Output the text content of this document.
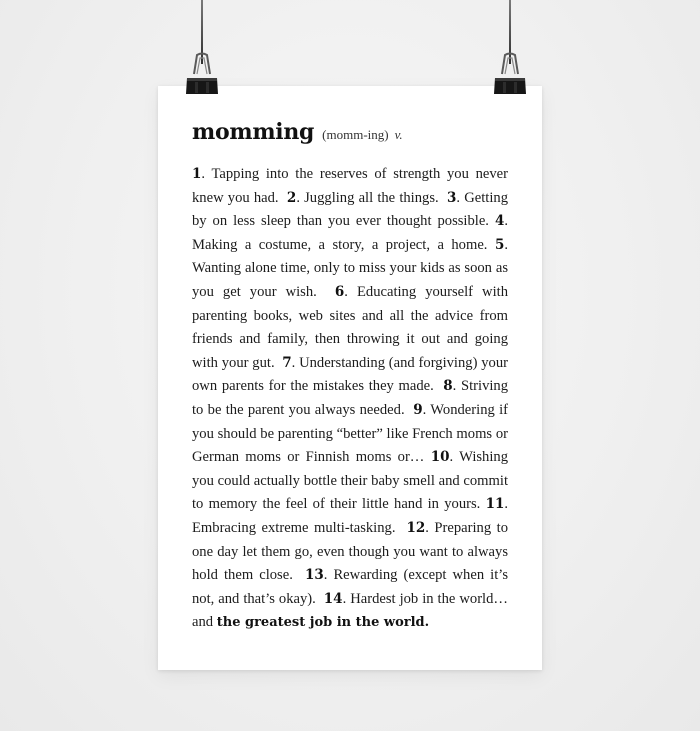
momming (momm-ing) v.

1. Tapping into the reserves of strength you never knew you had. 2. Juggling all the things. 3. Getting by on less sleep than you ever thought possible. 4. Making a costume, a story, a project, a home. 5. Wanting alone time, only to miss your kids as soon as you get your wish. 6. Educating yourself with parenting books, web sites and all the advice from friends and family, then throwing it out and going with your gut. 7. Understanding (and forgiving) your own parents for the mistakes they made. 8. Striving to be the parent you always needed. 9. Wondering if you should be parenting “better” like French moms or German moms or Finnish moms or… 10. Wishing you could actually bottle their baby smell and commit to memory the feel of their little hand in yours. 11. Embracing extreme multi-tasking. 12. Preparing to one day let them go, even though you want to always hold them close. 13. Rewarding (except when it’s not, and that’s okay). 14. Hardest job in the world… and the greatest job in the world.
